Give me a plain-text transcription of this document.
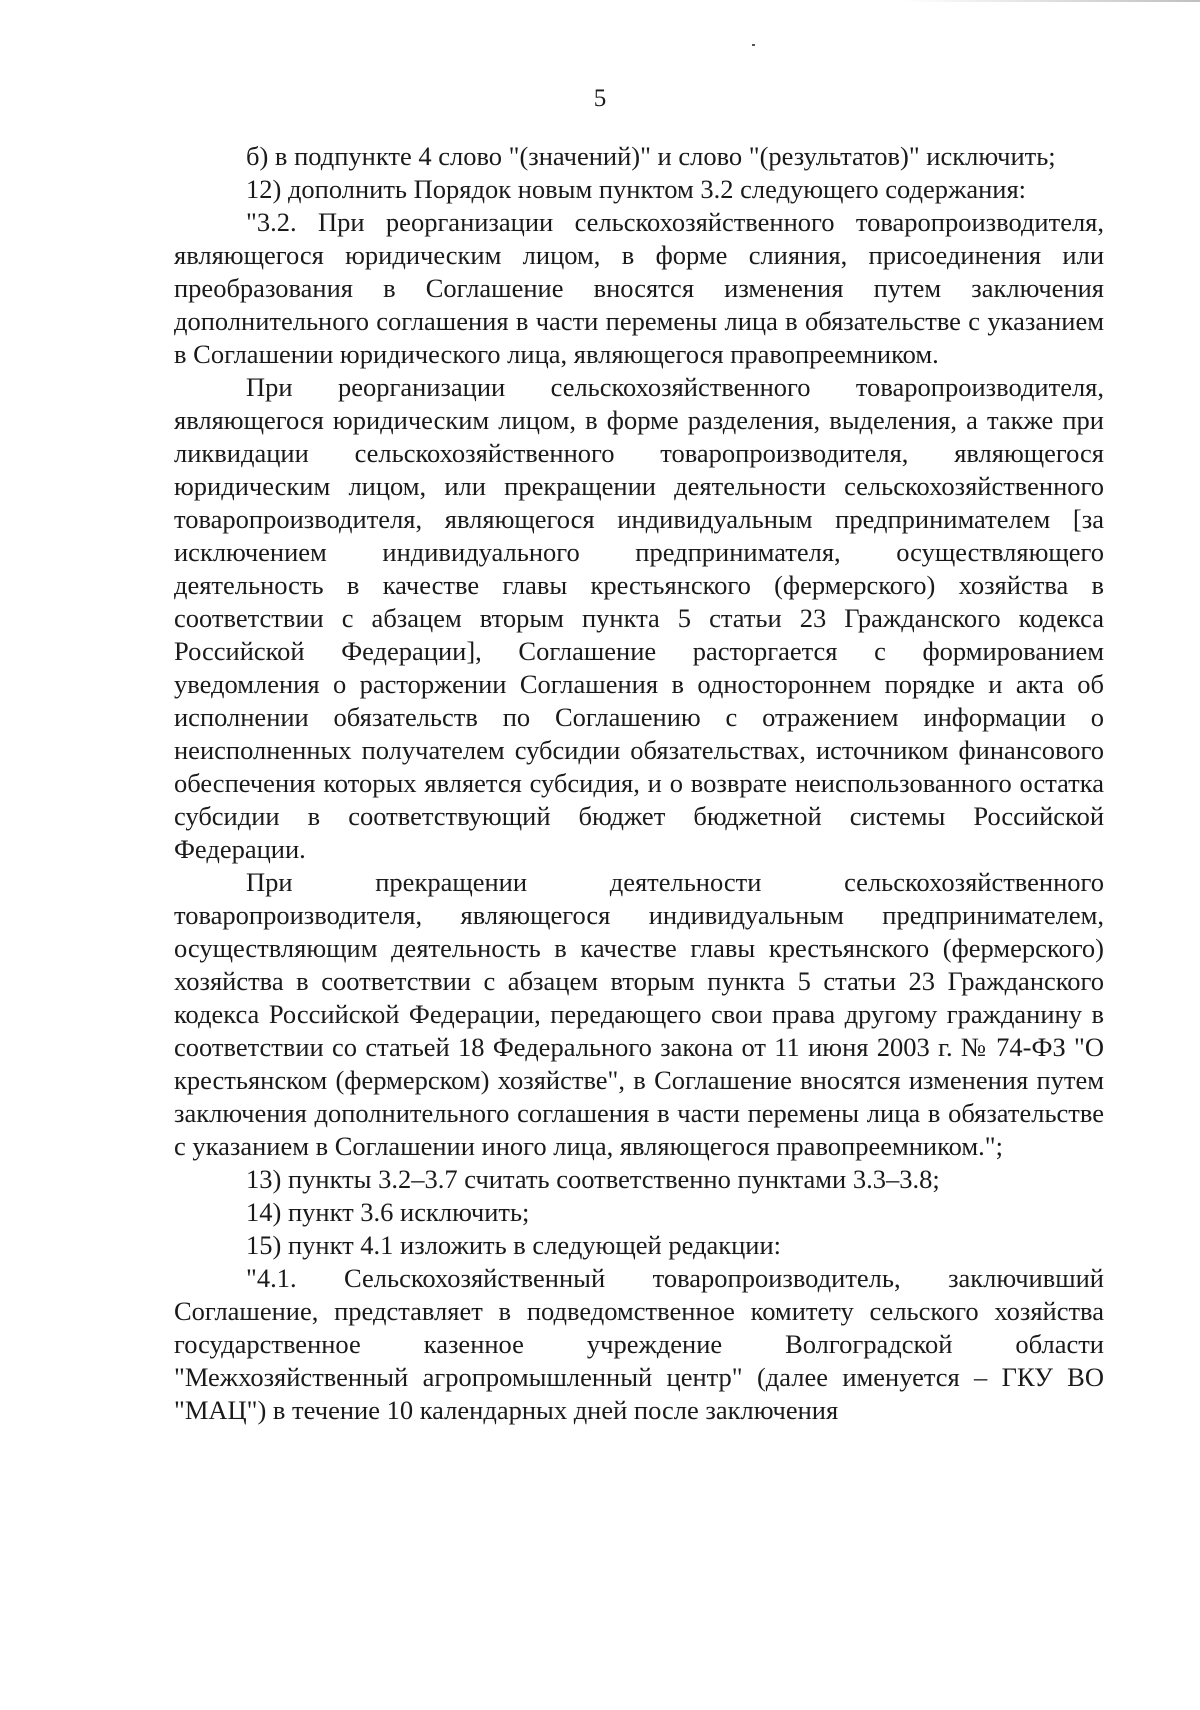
5

б) в подпункте 4 слово "(значений)" и слово "(результатов)" исключить;

12) дополнить Порядок новым пунктом 3.2 следующего содержания:

"3.2. При реорганизации сельскохозяйственного товаропроизводителя, являющегося юридическим лицом, в форме слияния, присоединения или преобразования в Соглашение вносятся изменения путем заключения дополнительного соглашения в части перемены лица в обязательстве с указанием в Соглашении юридического лица, являющегося правопреемником.

При реорганизации сельскохозяйственного товаропроизводителя, являющегося юридическим лицом, в форме разделения, выделения, а также при ликвидации сельскохозяйственного товаропроизводителя, являющегося юридическим лицом, или прекращении деятельности сельскохозяйственного товаропроизводителя, являющегося индивидуальным предпринимателем [за исключением индивидуального предпринимателя, осуществляющего деятельность в качестве главы крестьянского (фермерского) хозяйства в соответствии с абзацем вторым пункта 5 статьи 23 Гражданского кодекса Российской Федерации], Соглашение расторгается с формированием уведомления о расторжении Соглашения в одностороннем порядке и акта об исполнении обязательств по Соглашению с отражением информации о неисполненных получателем субсидии обязательствах, источником финансового обеспечения которых является субсидия, и о возврате неиспользованного остатка субсидии в соответствующий бюджет бюджетной системы Российской Федерации.

При прекращении деятельности сельскохозяйственного товаропроизводителя, являющегося индивидуальным предпринимателем, осуществляющим деятельность в качестве главы крестьянского (фермерского) хозяйства в соответствии с абзацем вторым пункта 5 статьи 23 Гражданского кодекса Российской Федерации, передающего свои права другому гражданину в соответствии со статьей 18 Федерального закона от 11 июня 2003 г. № 74-ФЗ "О крестьянском (фермерском) хозяйстве", в Соглашение вносятся изменения путем заключения дополнительного соглашения в части перемены лица в обязательстве с указанием в Соглашении иного лица, являющегося правопреемником.";

13) пункты 3.2–3.7 считать соответственно пунктами 3.3–3.8;

14) пункт 3.6 исключить;

15) пункт 4.1 изложить в следующей редакции:

"4.1. Сельскохозяйственный товаропроизводитель, заключивший Соглашение, представляет в подведомственное комитету сельского хозяйства государственное казенное учреждение Волгоградской области "Межхозяйственный агропромышленный центр" (далее именуется – ГКУ ВО "МАЦ") в течение 10 календарных дней после заключения
